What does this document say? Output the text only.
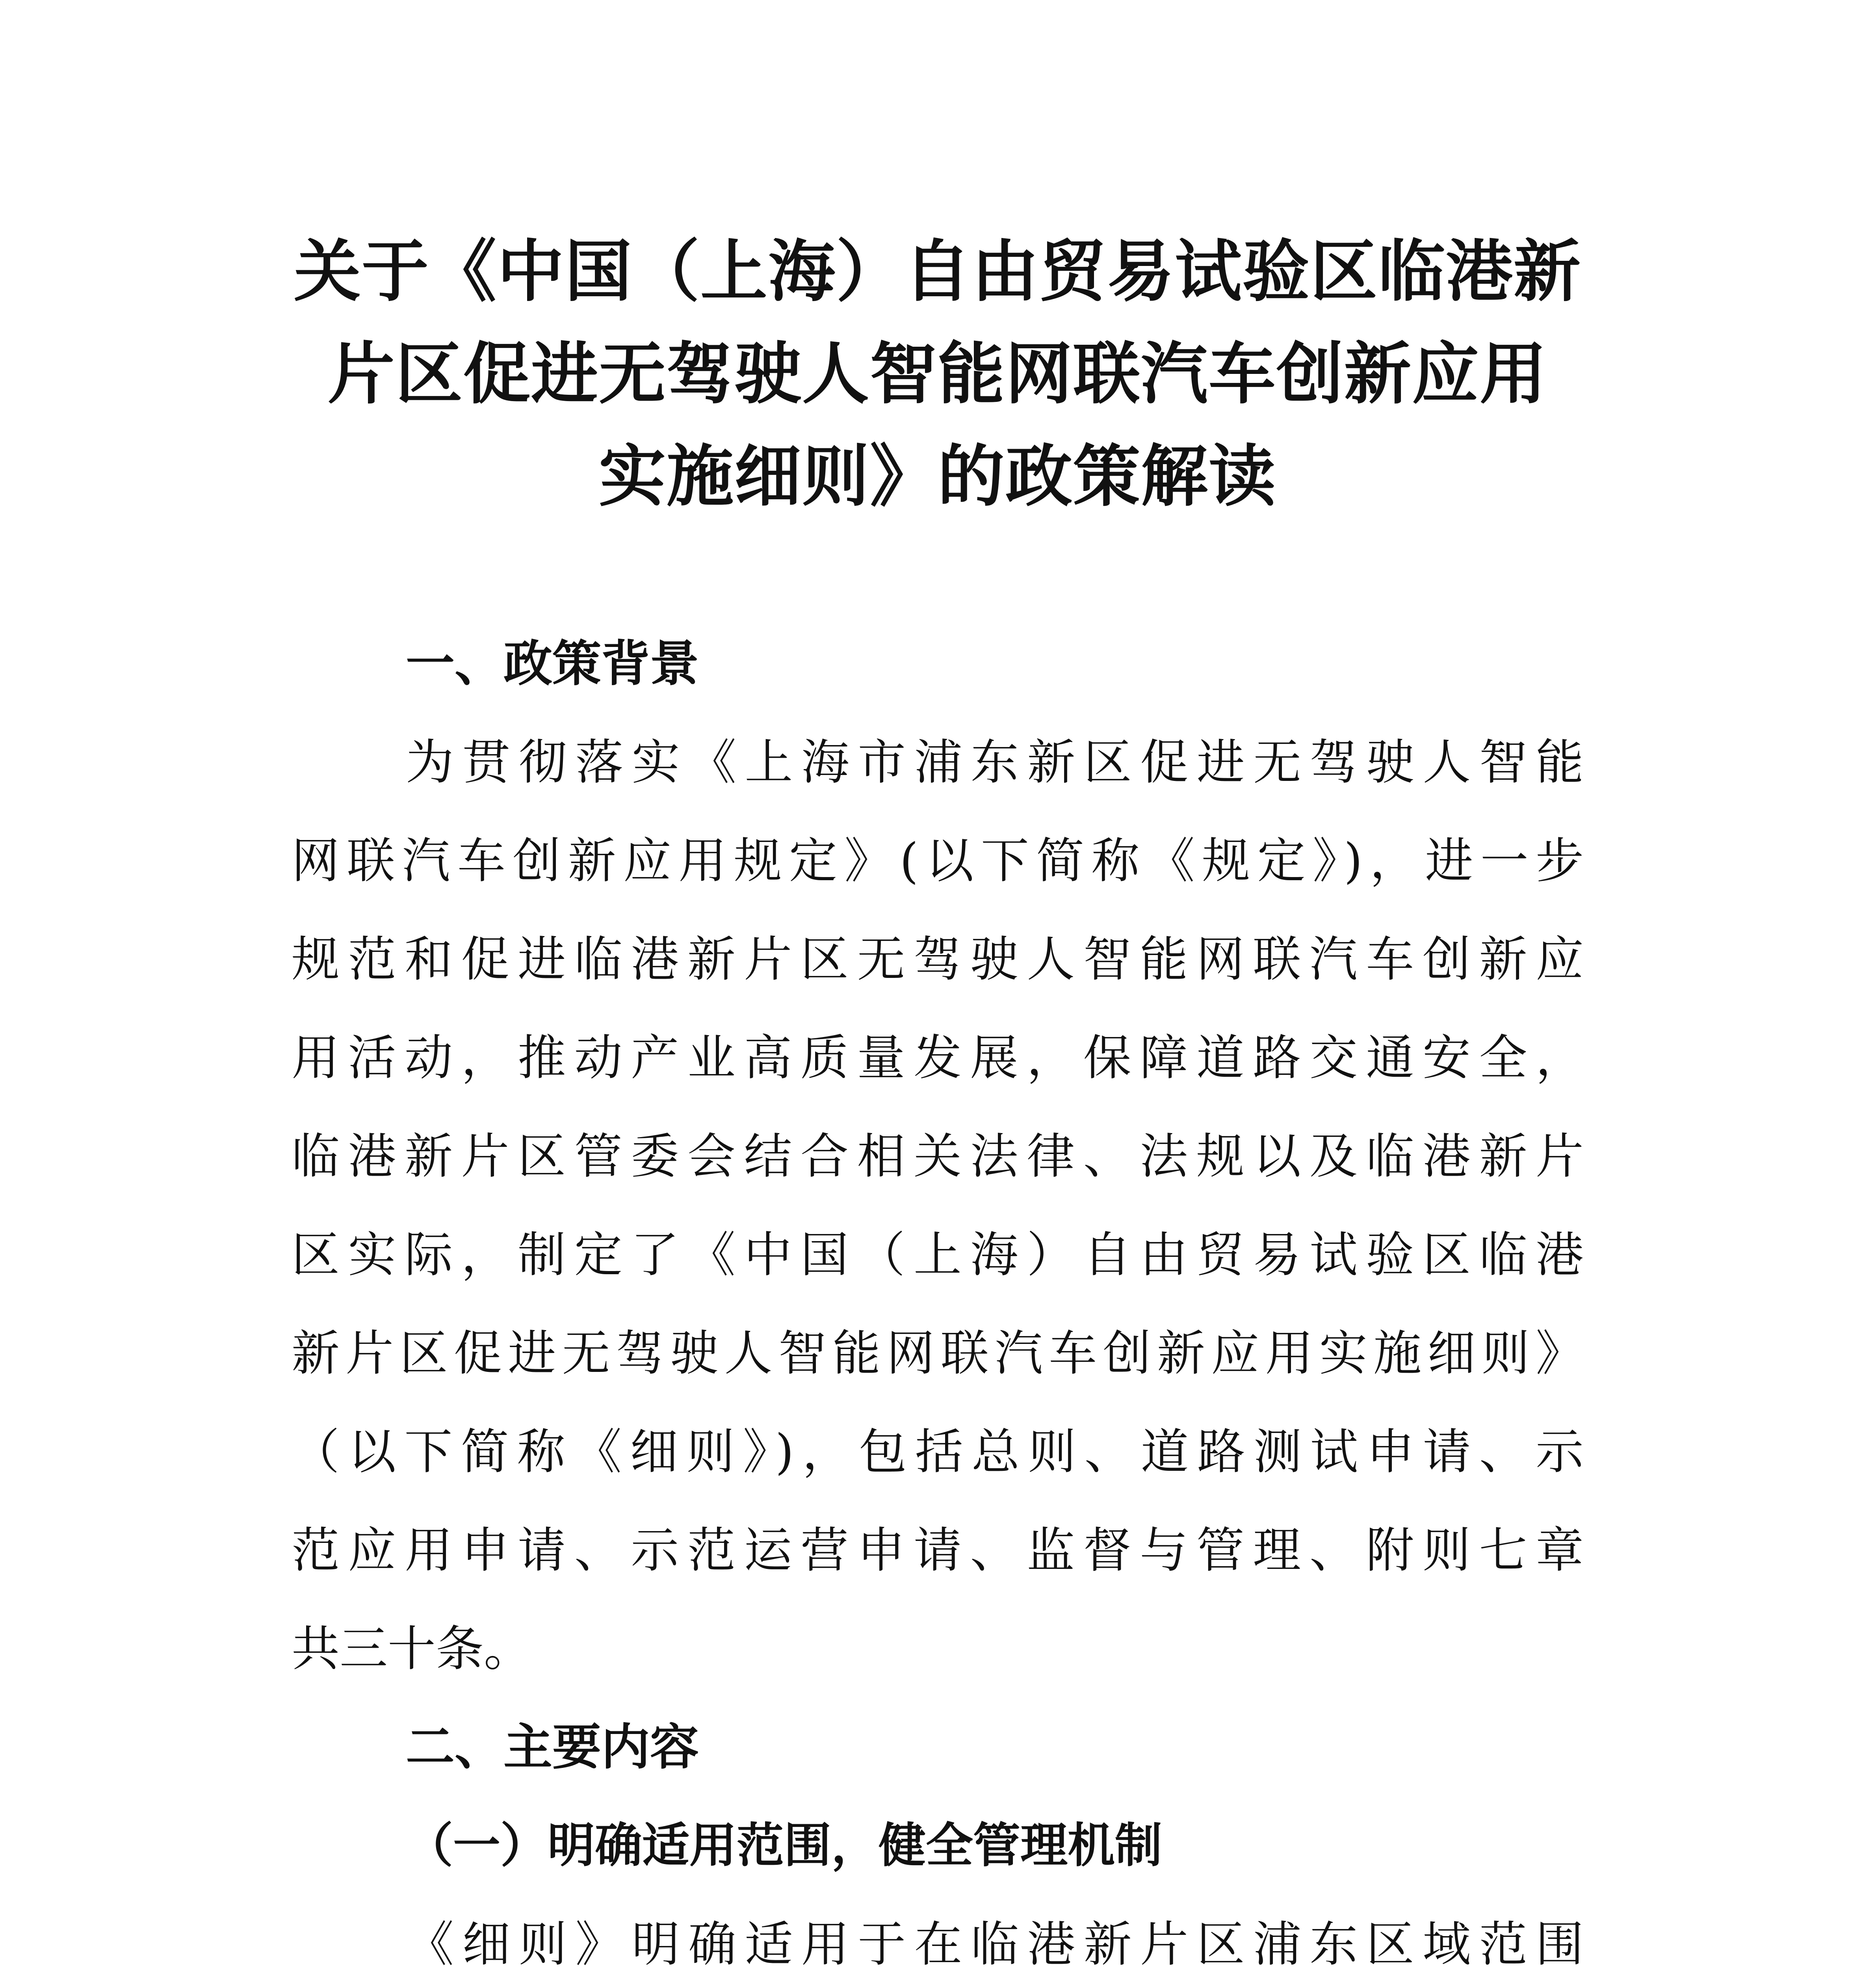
关于《中国（上海）自由贸易试验区临港新
片区促进无驾驶人智能网联汽车创新应用
实施细则》的政策解读
一、政策背景
为贯彻落实《上海市浦东新区促进无驾驶人智能
网联汽车创新应用规定》(以下简称《规定》)，进一步
规范和促进临港新片区无驾驶人智能网联汽车创新应
用活动，推动产业高质量发展，保障道路交通安全，
临港新片区管委会结合相关法律、法规以及临港新片
区实际，制定了《中国（上海）自由贸易试验区临港
新片区促进无驾驶人智能网联汽车创新应用实施细则》
（以下简称《细则》)，包括总则、道路测试申请、示
范应用申请、示范运营申请、监督与管理、附则七章
共三十条。
二、主要内容
（一）明确适用范围，健全管理机制
《细则》明确适用于在临港新片区浦东区域范围
